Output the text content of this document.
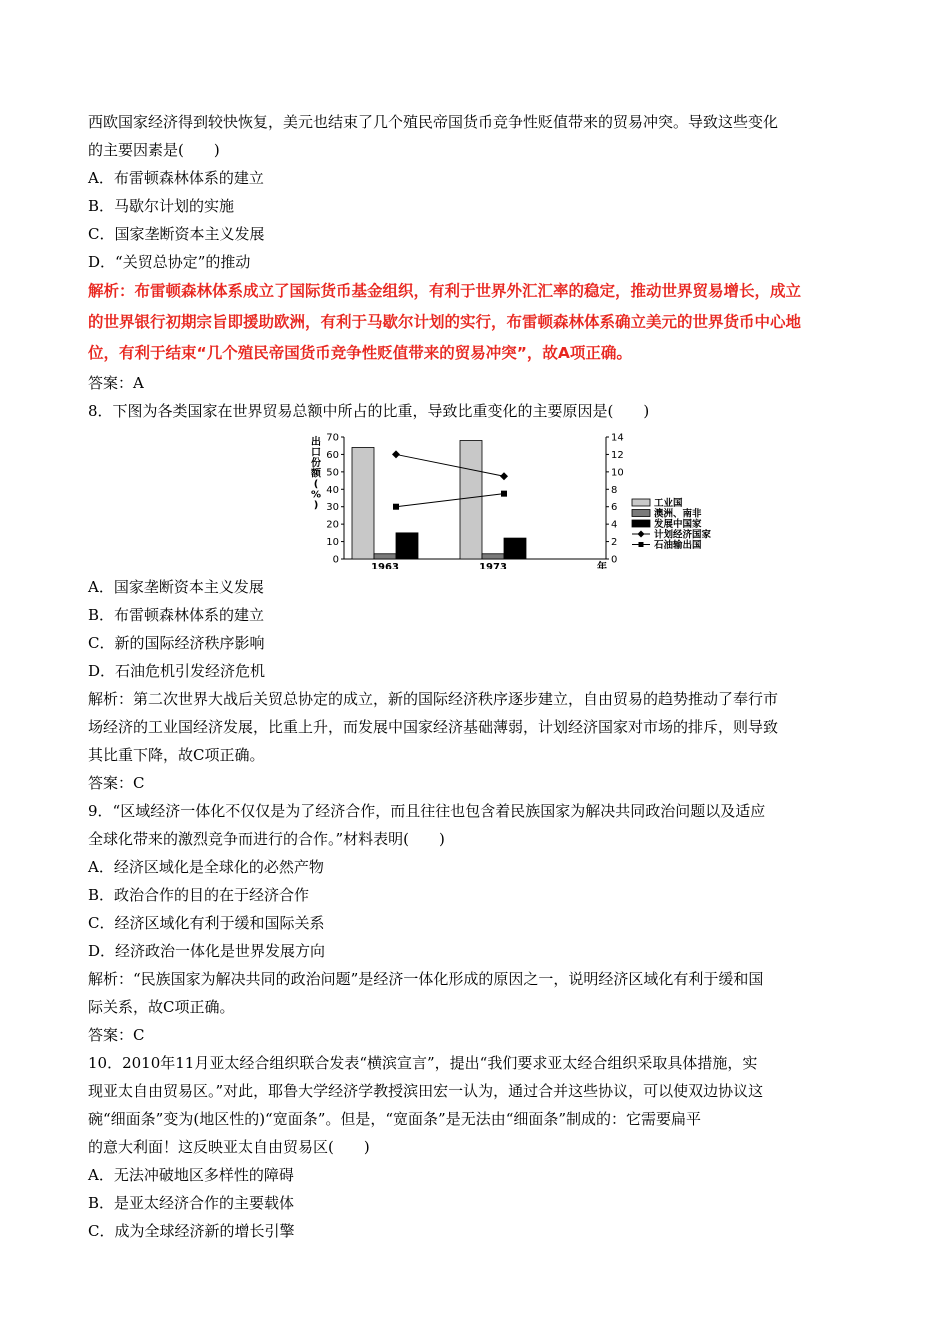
西欧国家经济得到较快恢复，美元也结束了几个殖民帝国货币竞争性贬值带来的贸易冲突。导致这些变化
的主要因素是(　　)
A．布雷顿森林体系的建立
B．马歇尔计划的实施
C．国家垄断资本主义发展
D．“关贸总协定”的推动
解析：布雷顿森林体系成立了国际货币基金组织，有利于世界外汇汇率的稳定，推动世界贸易增长，成立
的世界银行初期宗旨即援助欧洲，有利于马歇尔计划的实行，布雷顿森林体系确立美元的世界货币中心地
位，有利于结束“几个殖民帝国货币竞争性贬值带来的贸易冲突”，故A项正确。
答案：A
8．下图为各类国家在世界贸易总额中所占的比重，导致比重变化的主要原因是(　　)
0
10
20
30
40
50
60
70
0
2
4
6
8
10
12
14
出
口
份
额
(
%
)
1963	1973	年
工业国
澳洲、南非
发展中国家
计划经济国家
石油输出国
A．国家垄断资本主义发展
B．布雷顿森林体系的建立
C．新的国际经济秩序影响
D．石油危机引发经济危机
解析：第二次世界大战后关贸总协定的成立，新的国际经济秩序逐步建立，自由贸易的趋势推动了奉行市
场经济的工业国经济发展，比重上升，而发展中国家经济基础薄弱，计划经济国家对市场的排斥，则导致
其比重下降，故C项正确。
答案：C
9．“区域经济一体化不仅仅是为了经济合作，而且往往也包含着民族国家为解决共同政治问题以及适应
全球化带来的激烈竞争而进行的合作。”材料表明(　　)
A．经济区域化是全球化的必然产物
B．政治合作的目的在于经济合作
C．经济区域化有利于缓和国际关系
D．经济政治一体化是世界发展方向
解析：“民族国家为解决共同的政治问题”是经济一体化形成的原因之一，说明经济区域化有利于缓和国
际关系，故C项正确。
答案：C
10．2010年11月亚太经合组织联合发表“横滨宣言”，提出“我们要求亚太经合组织采取具体措施，实
现亚太自由贸易区。”对此，耶鲁大学经济学教授滨田宏一认为，通过合并这些协议，可以使双边协议这
碗“细面条”变为(地区性的)“宽面条”。但是，“宽面条”是无法由“细面条”制成的：它需要扁平
的意大利面！这反映亚太自由贸易区(　　)
A．无法冲破地区多样性的障碍
B．是亚太经济合作的主要载体
C．成为全球经济新的增长引擎
